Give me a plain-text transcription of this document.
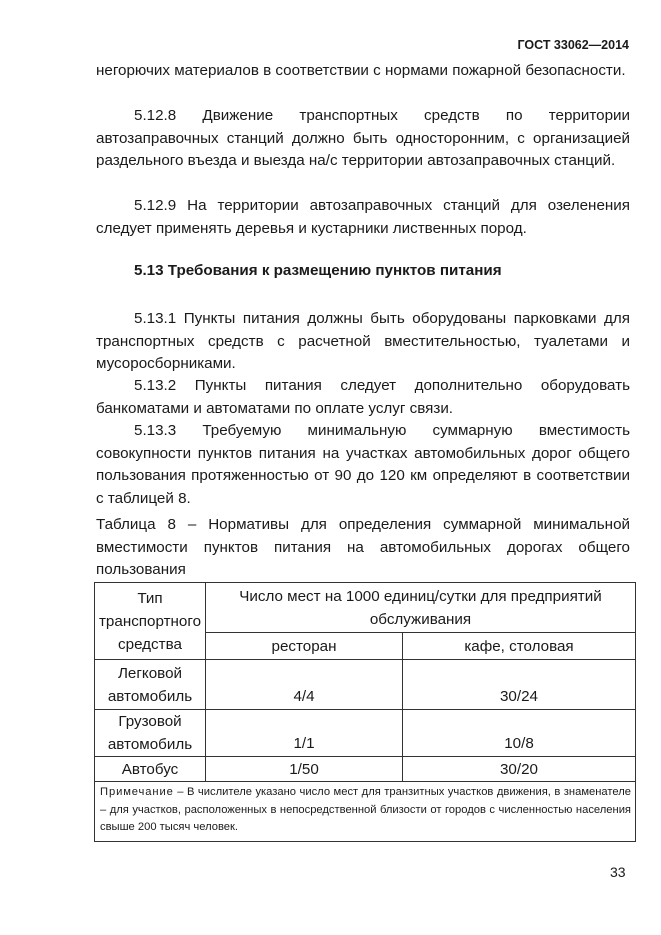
ГОСТ 33062—2014

негорючих материалов в соответствии с нормами пожарной безопасности.

5.12.8 Движение транспортных средств по территории автозаправочных станций должно быть односторонним, с организацией раздельного въезда и выезда на/с территории автозаправочных станций.

5.12.9 На территории автозаправочных станций для озеленения следует применять деревья и кустарники лиственных пород.

5.13 Требования к размещению пунктов питания

5.13.1 Пункты питания должны быть оборудованы парковками для транспортных средств с расчетной вместительностью, туалетами и мусоросборниками.

5.13.2 Пункты питания следует дополнительно оборудовать банкоматами и автоматами по оплате услуг связи.

5.13.3 Требуемую минимальную суммарную вместимость совокупности пунктов питания на участках автомобильных дорог общего пользования протяженностью от 90 до 120 км определяют в соответствии с таблицей 8.

Таблица 8 – Нормативы для определения суммарной минимальной вместимости пунктов питания на автомобильных дорогах общего пользования

Тип транспортного средства	Число мест на 1000 единиц/сутки для предприятий обслуживания	
	ресторан	кафе, столовая
Легковой автомобиль	4/4	30/24
Грузовой автомобиль	1/1	10/8
Автобус	1/50	30/20
Примечание – В числителе указано число мест для транзитных участков движения, в знаменателе – для участков, расположенных в непосредственной близости от городов с численностью населения свыше 200 тысяч человек.		
33
